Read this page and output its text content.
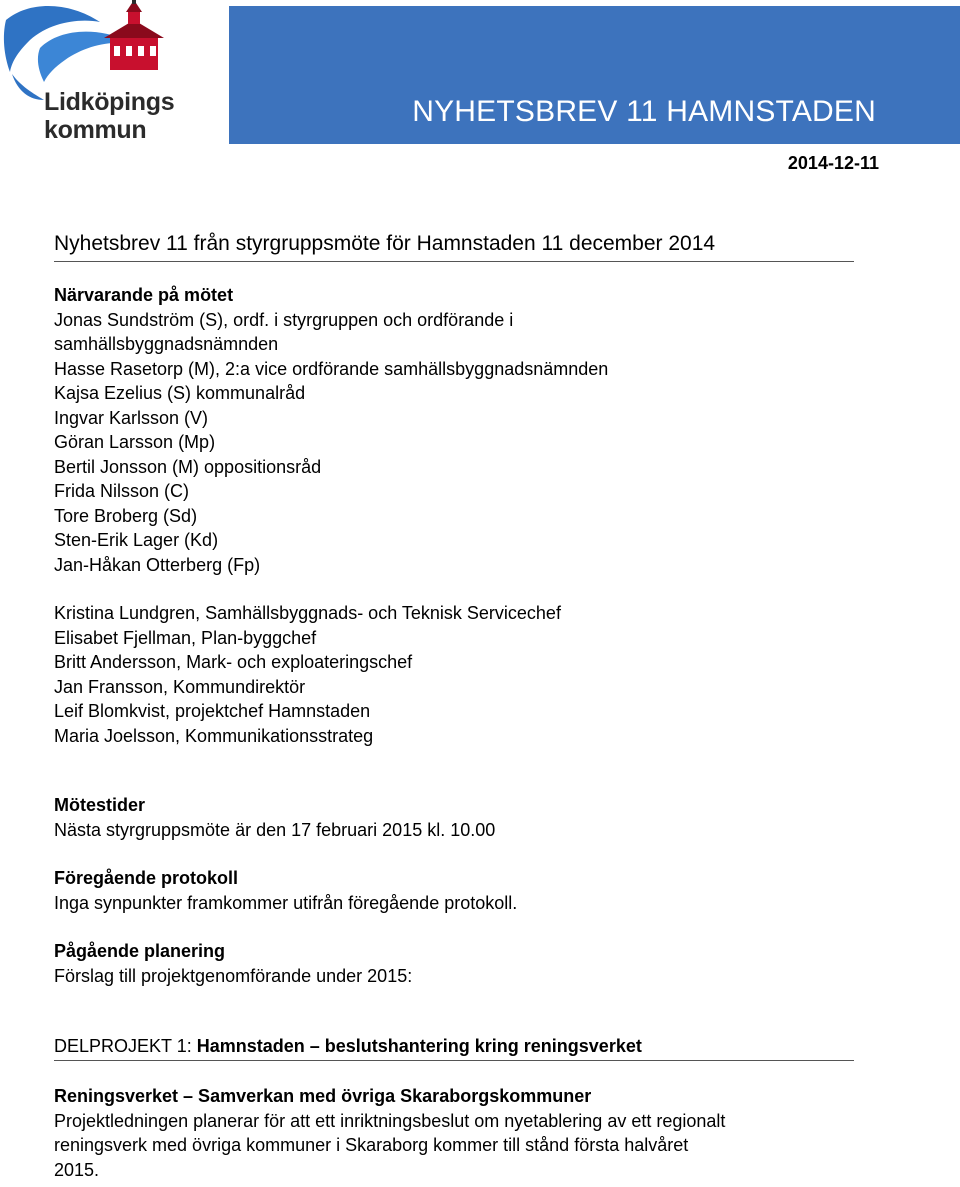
Lidköpings
kommun
NYHETSBREV 11 HAMNSTADEN
2014-12-11
Nyhetsbrev 11 från styrgruppsmöte för Hamnstaden 11 december 2014
Närvarande på mötet
Jonas Sundström (S), ordf. i styrgruppen och ordförande i
samhällsbyggnadsnämnden
Hasse Rasetorp (M), 2:a vice ordförande samhällsbyggnadsnämnden
Kajsa Ezelius (S) kommunalråd
Ingvar Karlsson (V)
Göran Larsson (Mp)
Bertil Jonsson (M) oppositionsråd
Frida Nilsson (C)
Tore Broberg (Sd)
Sten-Erik Lager (Kd)
Jan-Håkan Otterberg (Fp)
Kristina Lundgren, Samhällsbyggnads- och Teknisk Servicechef
Elisabet Fjellman, Plan-byggchef
Britt Andersson, Mark- och exploateringschef
Jan Fransson, Kommundirektör
Leif Blomkvist, projektchef Hamnstaden
Maria Joelsson, Kommunikationsstrateg
Mötestider
Nästa styrgruppsmöte är den 17 februari 2015 kl. 10.00
Föregående protokoll
Inga synpunkter framkommer utifrån föregående protokoll.
Pågående planering
Förslag till projektgenomförande under 2015:
DELPROJEKT 1: Hamnstaden – beslutshantering kring reningsverket
Reningsverket – Samverkan med övriga Skaraborgskommuner
Projektledningen planerar för att ett inriktningsbeslut om nyetablering av ett regionalt
reningsverk med övriga kommuner i Skaraborg kommer till stånd första halvåret
2015.
